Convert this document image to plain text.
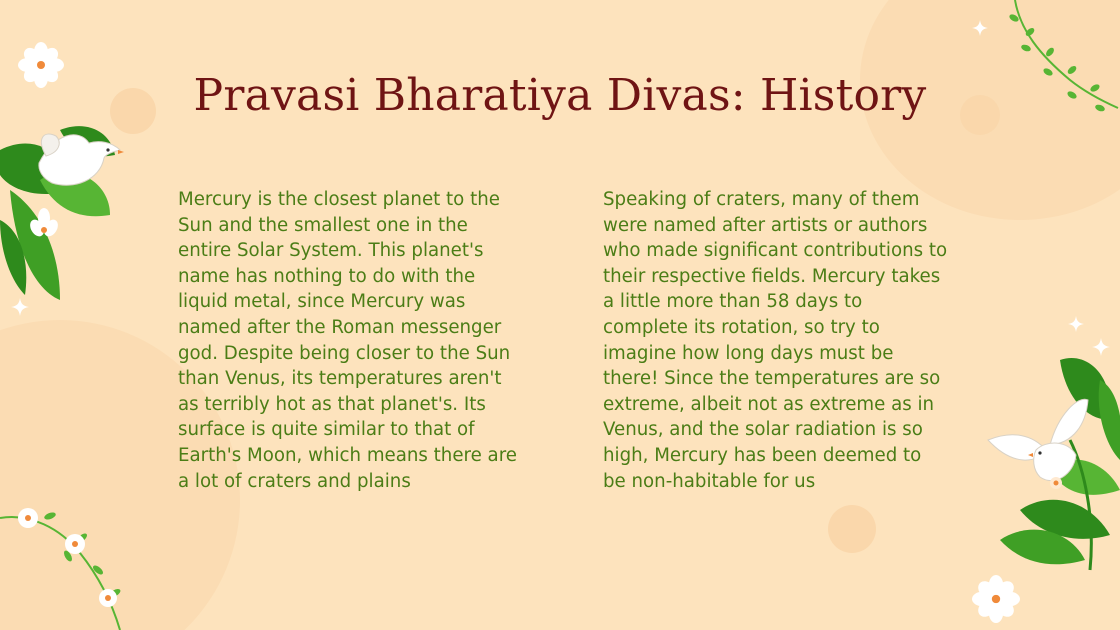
Pravasi Bharatiya Divas: History

Mercury is the closest planet to the Sun and the smallest one in the entire Solar System. This planet's name has nothing to do with the liquid metal, since Mercury was named after the Roman messenger god. Despite being closer to the Sun than Venus, its temperatures aren't as terribly hot as that planet's. Its surface is quite similar to that of Earth's Moon, which means there are a lot of craters and plains

Speaking of craters, many of them were named after artists or authors who made significant contributions to their respective fields. Mercury takes a little more than 58 days to complete its rotation, so try to imagine how long days must be there! Since the temperatures are so extreme, albeit not as extreme as in Venus, and the solar radiation is so high, Mercury has been deemed to be non-habitable for us
